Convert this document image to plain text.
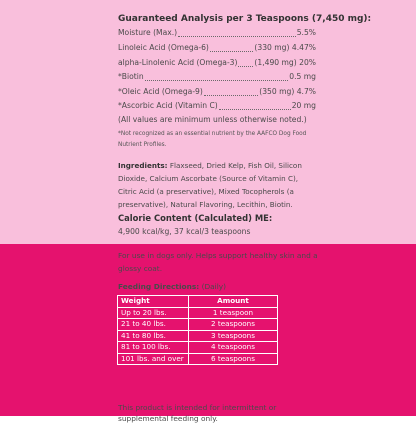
Guaranteed Analysis per 3 Teaspoons (7,450 mg):
Moisture (Max.)	5.5%
Linoleic Acid (Omega-6)	(330 mg) 4.47%
alpha-Linolenic Acid (Omega-3) (1,490 mg) 20%
*Biotin	0.5 mg
*Oleic Acid (Omega-9)	(350 mg) 4.7%
*Ascorbic Acid (Vitamin C)	20 mg
(All values are minimum unless otherwise noted.)
*Not recognized as an essential nutrient by the AAFCO Dog Food Nutrient Profiles.
Ingredients: Flaxseed, Dried Kelp, Fish Oil, Silicon Dioxide, Calcium Ascorbate (Source of Vitamin C), Citric Acid (a preservative), Mixed Tocopherols (a preservative), Natural Flavoring, Lecithin, Biotin.
Calorie Content (Calculated) ME:
4,900 kcal/kg, 37 kcal/3 teaspoons
For use in dogs only. Helps support healthy skin and a glossy coat.
Feeding Directions: (Daily)
Weight	Amount
Up to 20 lbs.	1 teaspoon
21 to 40 lbs.	2 teaspoons
41 to 80 lbs.	3 teaspoons
81 to 100 lbs.	4 teaspoons
101 lbs. and over	6 teaspoons
This product is intended for intermittent or
supplemental feeding only.
